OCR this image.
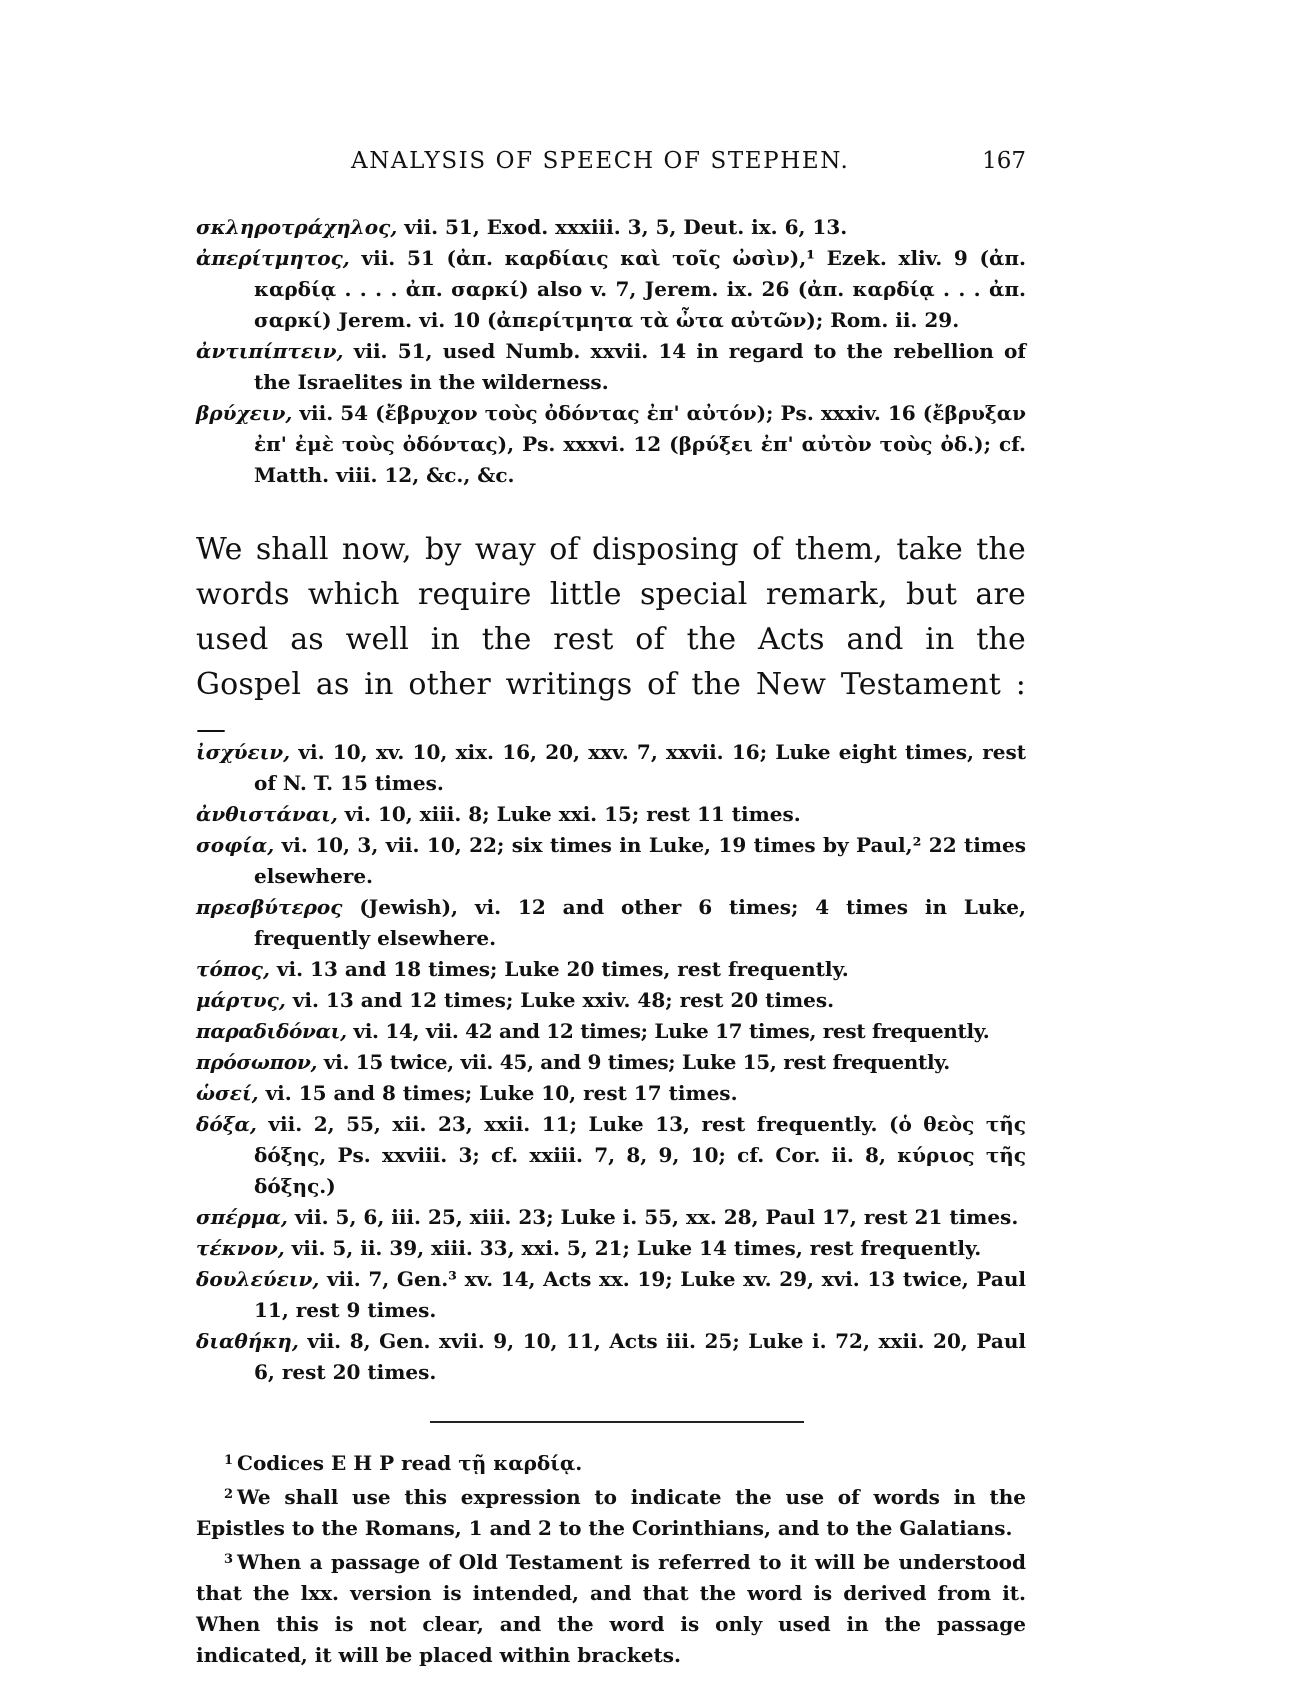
ANALYSIS OF SPEECH OF STEPHEN.	167
σκληροτράχηλος, vii. 51, Exod. xxxiii. 3, 5, Deut. ix. 6, 13.
ἀπερίτμητος, vii. 51 (ἀπ. καρδίαις καὶ τοῖς ὠσὶν),¹ Ezek. xliv. 9 (ἀπ. καρδίᾳ . . . . ἀπ. σαρκί) also v. 7, Jerem. ix. 26 (ἀπ. καρδίᾳ . . . ἀπ. σαρκί) Jerem. vi. 10 (ἀπερίτμητα τὰ ὦτα αὐτῶν); Rom. ii. 29.
ἀντιπίπτειν, vii. 51, used Numb. xxvii. 14 in regard to the rebellion of the Israelites in the wilderness.
βρύχειν, vii. 54 (ἔβρυχον τοὺς ὀδόντας ἐπ' αὐτόν); Ps. xxxiv. 16 (ἔβρυξαν ἐπ' ἐμὲ τοὺς ὀδόντας), Ps. xxxvi. 12 (βρύξει ἐπ' αὐτὸν τοὺς ὀδ.); cf. Matth. viii. 12, &c., &c.

We shall now, by way of disposing of them, take the words which require little special remark, but are used as well in the rest of the Acts and in the Gospel as in other writings of the New Testament :—

ἰσχύειν, vi. 10, xv. 10, xix. 16, 20, xxv. 7, xxvii. 16; Luke eight times, rest of N. T. 15 times.
ἀνθιστάναι, vi. 10, xiii. 8; Luke xxi. 15; rest 11 times.
σοφία, vi. 10, 3, vii. 10, 22; six times in Luke, 19 times by Paul,² 22 times elsewhere.
πρεσβύτερος (Jewish), vi. 12 and other 6 times; 4 times in Luke, frequently elsewhere.
τόπος, vi. 13 and 18 times; Luke 20 times, rest frequently.
μάρτυς, vi. 13 and 12 times; Luke xxiv. 48; rest 20 times.
παραδιδόναι, vi. 14, vii. 42 and 12 times; Luke 17 times, rest frequently.
πρόσωπον, vi. 15 twice, vii. 45, and 9 times; Luke 15, rest frequently.
ὡσεί, vi. 15 and 8 times; Luke 10, rest 17 times.
δόξα, vii. 2, 55, xii. 23, xxii. 11; Luke 13, rest frequently. (ὁ θεὸς τῆς δόξης, Ps. xxviii. 3; cf. xxiii. 7, 8, 9, 10; cf. Cor. ii. 8, κύριος τῆς δόξης.)
σπέρμα, vii. 5, 6, iii. 25, xiii. 23; Luke i. 55, xx. 28, Paul 17, rest 21 times.
τέκνον, vii. 5, ii. 39, xiii. 33, xxi. 5, 21; Luke 14 times, rest frequently.
δουλεύειν, vii. 7, Gen.³ xv. 14, Acts xx. 19; Luke xv. 29, xvi. 13 twice, Paul 11, rest 9 times.
διαθήκη, vii. 8, Gen. xvii. 9, 10, 11, Acts iii. 25; Luke i. 72, xxii. 20, Paul 6, rest 20 times.

$^1$ Codices E H P read τῇ καρδίᾳ.

$^2$ We shall use this expression to indicate the use of words in the Epistles to the Romans, 1 and 2 to the Corinthians, and to the Galatians.

$^3$ When a passage of Old Testament is referred to it will be understood that the lxx. version is intended, and that the word is derived from it. When this is not clear, and the word is only used in the passage indicated, it will be placed within brackets.
